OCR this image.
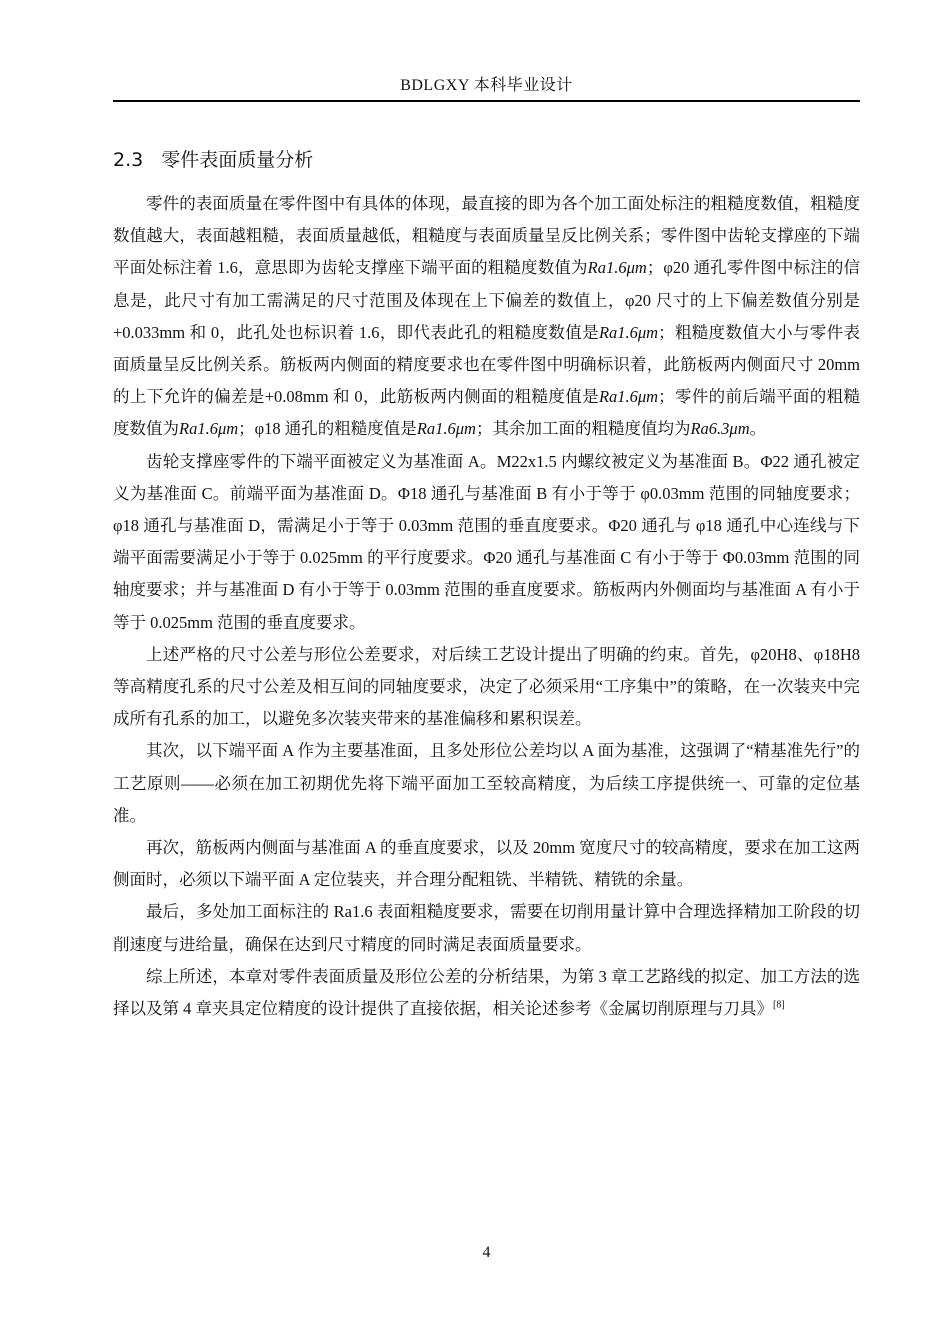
BDLGXY 本科毕业设计
2.3 零件表面质量分析

零件的表面质量在零件图中有具体的体现，最直接的即为各个加工面处标注的粗糙度数值，粗糙度数值越大，表面越粗糙，表面质量越低，粗糙度与表面质量呈反比例关系；零件图中齿轮支撑座的下端平面处标注着 1.6，意思即为齿轮支撑座下端平面的粗糙度数值为Ra1.6μm；φ20 通孔零件图中标注的信息是，此尺寸有加工需满足的尺寸范围及体现在上下偏差的数值上，φ20 尺寸的上下偏差数值分别是+0.033mm 和 0，此孔处也标识着 1.6，即代表此孔的粗糙度数值是Ra1.6μm；粗糙度数值大小与零件表面质量呈反比例关系。筋板两内侧面的精度要求也在零件图中明确标识着，此筋板两内侧面尺寸 20mm 的上下允许的偏差是+0.08mm 和 0，此筋板两内侧面的粗糙度值是Ra1.6μm；零件的前后端平面的粗糙度数值为Ra1.6μm；φ18 通孔的粗糙度值是Ra1.6μm；其余加工面的粗糙度值均为Ra6.3μm。

齿轮支撑座零件的下端平面被定义为基准面 A。M22x1.5 内螺纹被定义为基准面 B。Φ22 通孔被定义为基准面 C。前端平面为基准面 D。Φ18 通孔与基准面 B 有小于等于 φ0.03mm 范围的同轴度要求；φ18 通孔与基准面 D，需满足小于等于 0.03mm 范围的垂直度要求。Φ20 通孔与 φ18 通孔中心连线与下端平面需要满足小于等于 0.025mm 的平行度要求。Φ20 通孔与基准面 C 有小于等于 Φ0.03mm 范围的同轴度要求；并与基准面 D 有小于等于 0.03mm 范围的垂直度要求。筋板两内外侧面均与基准面 A 有小于等于 0.025mm 范围的垂直度要求。

上述严格的尺寸公差与形位公差要求，对后续工艺设计提出了明确的约束。首先，φ20H8、φ18H8 等高精度孔系的尺寸公差及相互间的同轴度要求，决定了必须采用“工序集中”的策略，在一次装夹中完成所有孔系的加工，以避免多次装夹带来的基准偏移和累积误差。

其次，以下端平面 A 作为主要基准面，且多处形位公差均以 A 面为基准，这强调了“精基准先行”的工艺原则——必须在加工初期优先将下端平面加工至较高精度，为后续工序提供统一、可靠的定位基准。

再次，筋板两内侧面与基准面 A 的垂直度要求，以及 20mm 宽度尺寸的较高精度，要求在加工这两侧面时，必须以下端平面 A 定位装夹，并合理分配粗铣、半精铣、精铣的余量。

最后，多处加工面标注的 Ra1.6 表面粗糙度要求，需要在切削用量计算中合理选择精加工阶段的切削速度与进给量，确保在达到尺寸精度的同时满足表面质量要求。

综上所述，本章对零件表面质量及形位公差的分析结果，为第 3 章工艺路线的拟定、加工方法的选择以及第 4 章夹具定位精度的设计提供了直接依据，相关论述参考《金属切削原理与刀具》[8]

4
